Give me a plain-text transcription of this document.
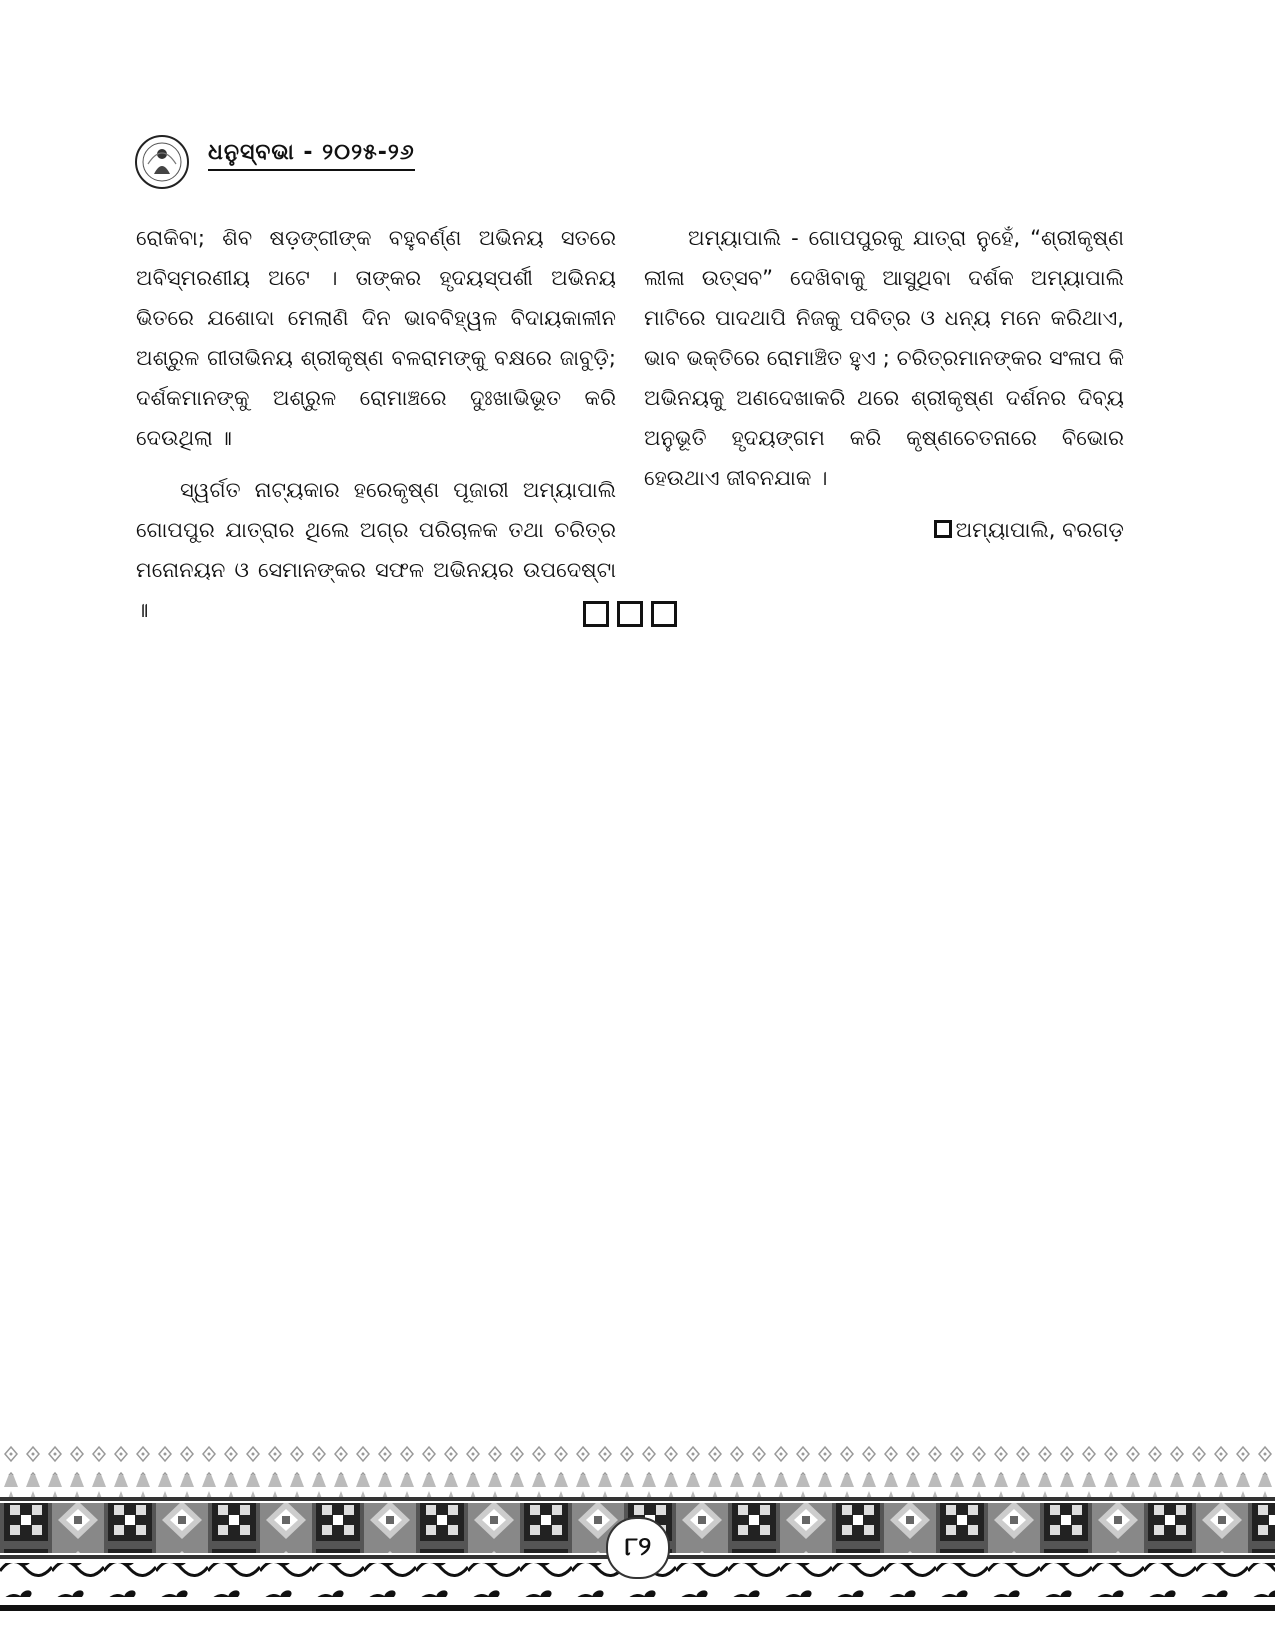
ଧନୁସ୍ବଭା - ୨୦୨୫-୨୬

ରୋକିବା; ଶିବ ଷଡ଼ଙ୍ଗୀଙ୍କ ବହୁବର୍ଣ୍ଣ ଅଭିନୟ ସତରେ ଅବିସ୍ମରଣୀୟ ଅଟେ । ତାଙ୍କର ହୃଦୟସ୍ପର୍ଶୀ ଅଭିନୟ ଭିତରେ ଯଶୋଦା ମେଲାଣି ଦିନ ଭାବବିହ୍ୱଳ ବିଦାୟକାଳୀନ ଅଶ୍ରୁଳ ଗୀତାଭିନୟ ଶ୍ରୀକୃଷ୍ଣ ବଳରାମଙ୍କୁ ବକ୍ଷରେ ଜାବୁଡ଼ି; ଦର୍ଶକମାନଙ୍କୁ ଅଶ୍ରୁଳ ରୋମାଞ୍ଚରେ ଦୁଃଖାଭିଭୂତ କରି ଦେଉଥିଲା ॥

ସ୍ୱର୍ଗତ ନାଟ୍ୟକାର ହରେକୃଷ୍ଣ ପୂଜାରୀ ଅମ୍ୟାପାଲି ଗୋପପୁର ଯାତ୍ରାର ଥିଲେ ଅଗ୍ର ପରିଚାଳକ ତଥା ଚରିତ୍ର ମନୋନୟନ ଓ ସେମାନଙ୍କର ସଫଳ ଅଭିନୟର ଉପଦେଷ୍ଟା ॥

ଅମ୍ୟାପାଲି - ଗୋପପୁରକୁ ଯାତ୍ରା ନୁହେଁ, “ଶ୍ରୀକୃଷ୍ଣ ଲୀଳା ଉତ୍ସବ” ଦେଖିବାକୁ ଆସୁଥିବା ଦର୍ଶକ ଅମ୍ୟାପାଲି ମାଟିରେ ପାଦଥାପି ନିଜକୁ ପବିତ୍ର ଓ ଧନ୍ୟ ମନେ କରିଥାଏ, ଭାବ ଭକ୍ତିରେ ରୋମାଞ୍ଚିତ ହୁଏ ; ଚରିତ୍ରମାନଙ୍କର ସଂଳାପ କି ଅଭିନୟକୁ ଅଣଦେଖାକରି ଥରେ ଶ୍ରୀକୃଷ୍ଣ ଦର୍ଶନର ଦିବ୍ୟ ଅନୁଭୂତି ହୃଦୟଙ୍ଗମ କରି କୃଷ୍ଣଚେତନାରେ ବିଭୋର ହେଉଥାଏ ଜୀବନଯାକ ।

ଅମ୍ୟାପାଲି, ବରଗଡ଼

୮୨
